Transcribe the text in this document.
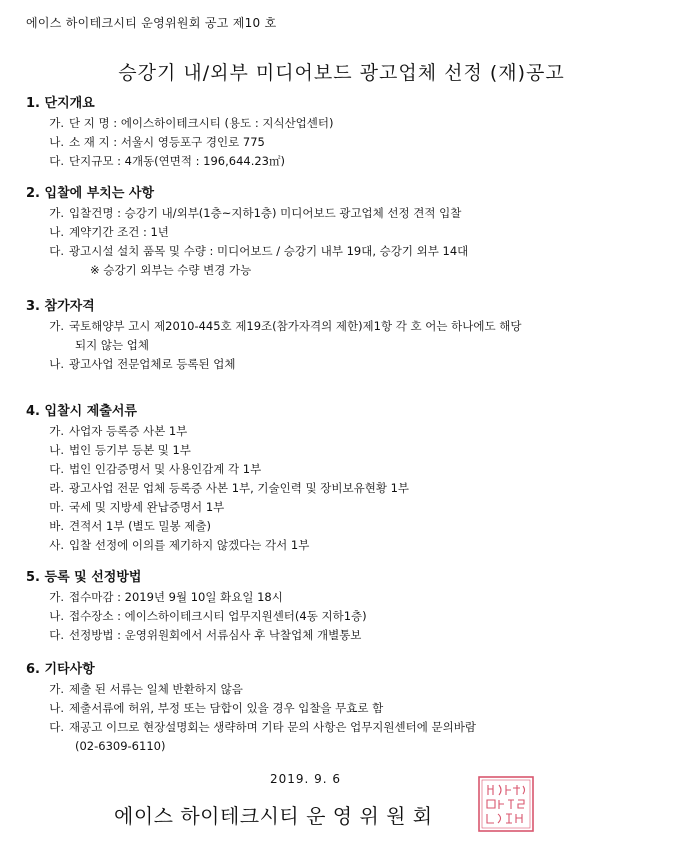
에이스 하이테크시티 운영위원회 공고 제10 호
승강기 내/외부 미디어보드 광고업체 선정 (재)공고
1. 단지개요
가. 단 지 명 : 에이스하이테크시티 (용도 : 지식산업센터)
나. 소 재 지 : 서울시 영등포구 경인로 775
다. 단지규모 : 4개동(연면적 : 196,644.23㎡)
2. 입찰에 부치는 사항
가. 입찰건명 : 승강기 내/외부(1층~지하1층) 미디어보드 광고업체 선정 견적 입찰
나. 계약기간 조건 : 1년
다. 광고시설 설치 품목 및 수량 : 미디어보드 / 승강기 내부 19대, 승강기 외부 14대
※ 승강기 외부는 수량 변경 가능
3. 참가자격
가. 국토해양부 고시 제2010-445호 제19조(참가자격의 제한)제1항 각 호 어는 하나에도 해당
되지 않는 업체
나. 광고사업 전문업체로 등록된 업체
4. 입찰시 제출서류
가. 사업자 등록증 사본 1부
나. 법인 등기부 등본 및 1부
다. 법인 인감증명서 및 사용인감계 각 1부
라. 광고사업 전문 업체 등록증 사본 1부, 기술인력 및 장비보유현황 1부
마. 국세 및 지방세 완납증명서 1부
바. 견적서 1부 (별도 밀봉 제출)
사. 입찰 선정에 이의를 제기하지 않겠다는 각서 1부
5. 등록 및 선정방법
가. 접수마감 : 2019년 9월 10일 화요일 18시
나. 접수장소 : 에이스하이테크시티 업무지원센터(4동 지하1층)
다. 선정방법 : 운영위원회에서 서류심사 후 낙찰업체 개별통보
6. 기타사항
가. 제출 된 서류는 일체 반환하지 않음
나. 제출서류에 허위, 부정 또는 담합이 있을 경우 입찰을 무효로 함
다. 재공고 이므로 현장설명회는 생략하며 기타 문의 사항은 업무지원센터에 문의바람
(02-6309-6110)
2019. 9. 6
에이스 하이테크시티 운 영 위 원 회
